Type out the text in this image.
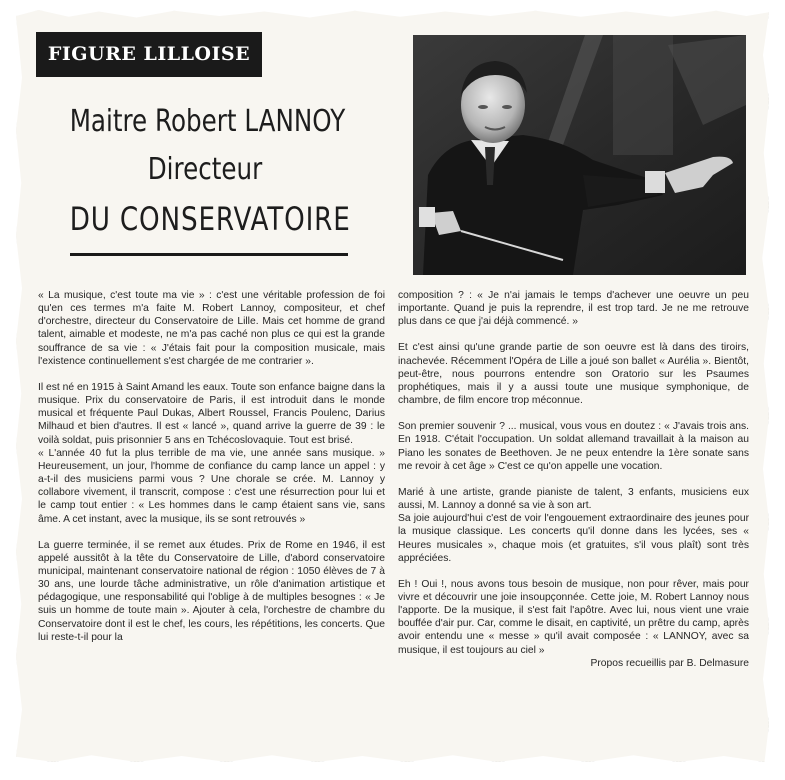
FIGURE LILLOISE
Maitre Robert LANNOY
Directeur
DU CONSERVATOIRE

« La musique, c'est toute ma vie » : c'est une véritable profession de foi qu'en ces termes m'a faite M. Robert Lannoy, compositeur, et chef d'orchestre, directeur du Conservatoire de Lille. Mais cet homme de grand talent, aimable et modeste, ne m'a pas caché non plus ce qui est la grande souffrance de sa vie : « J'étais fait pour la composition musicale, mais l'existence continuellement s'est chargée de me contrarier ».

Il est né en 1915 à Saint Amand les eaux. Toute son enfance baigne dans la musique. Prix du conservatoire de Paris, il est introduit dans le monde musical et fréquente Paul Dukas, Albert Roussel, Francis Poulenc, Darius Milhaud et bien d'autres. Il est « lancé », quand arrive la guerre de 39 : le voilà soldat, puis prisonnier 5 ans en Tchécoslovaquie. Tout est brisé.

« L'année 40 fut la plus terrible de ma vie, une année sans musique. » Heureusement, un jour, l'homme de confiance du camp lance un appel : y a-t-il des musiciens parmi vous ? Une chorale se crée. M. Lannoy y collabore vivement, il transcrit, compose : c'est une résurrection pour lui et le camp tout entier : « Les hommes dans le camp étaient sans vie, sans âme. A cet instant, avec la musique, ils se sont retrouvés »

La guerre terminée, il se remet aux études. Prix de Rome en 1946, il est appelé aussitôt à la tête du Conservatoire de Lille, d'abord conservatoire municipal, maintenant conservatoire national de région : 1050 élèves de 7 à 30 ans, une lourde tâche administrative, un rôle d'animation artistique et pédagogique, une responsabilité qui l'oblige à de multiples besognes : « Je suis un homme de toute main ». Ajouter à cela, l'orchestre de chambre du Conservatoire dont il est le chef, les cours, les répétitions, les concerts. Que lui reste-t-il pour la

composition ? : « Je n'ai jamais le temps d'achever une oeuvre un peu importante. Quand je puis la reprendre, il est trop tard. Je ne me retrouve plus dans ce que j'ai déjà commencé. »

Et c'est ainsi qu'une grande partie de son oeuvre est là dans des tiroirs, inachevée. Récemment l'Opéra de Lille a joué son ballet « Aurélia ». Bientôt, peut-être, nous pourrons entendre son Oratorio sur les Psaumes prophétiques, mais il y a aussi toute une musique symphonique, de chambre, de film encore trop méconnue.

Son premier souvenir ? ... musical, vous vous en doutez : « J'avais trois ans. En 1918. C'était l'occupation. Un soldat allemand travaillait à la maison au Piano les sonates de Beethoven. Je ne peux entendre la 1ère sonate sans me revoir à cet âge » C'est ce qu'on appelle une vocation.

Marié à une artiste, grande pianiste de talent, 3 enfants, musiciens eux aussi, M. Lannoy a donné sa vie à son art.

Sa joie aujourd'hui c'est de voir l'engouement extraordinaire des jeunes pour la musique classique. Les concerts qu'il donne dans les lycées, ses « Heures musicales », chaque mois (et gratuites, s'il vous plaît) sont très appréciées.

Eh ! Oui !, nous avons tous besoin de musique, non pour rêver, mais pour vivre et découvrir une joie insoupçonnée. Cette joie, M. Robert Lannoy nous l'apporte. De la musique, il s'est fait l'apôtre. Avec lui, nous vient une vraie bouffée d'air pur. Car, comme le disait, en captivité, un prêtre du camp, après avoir entendu une « messe » qu'il avait composée : « LANNOY, avec sa musique, il est toujours au ciel »

Propos recueillis par B. Delmasure
